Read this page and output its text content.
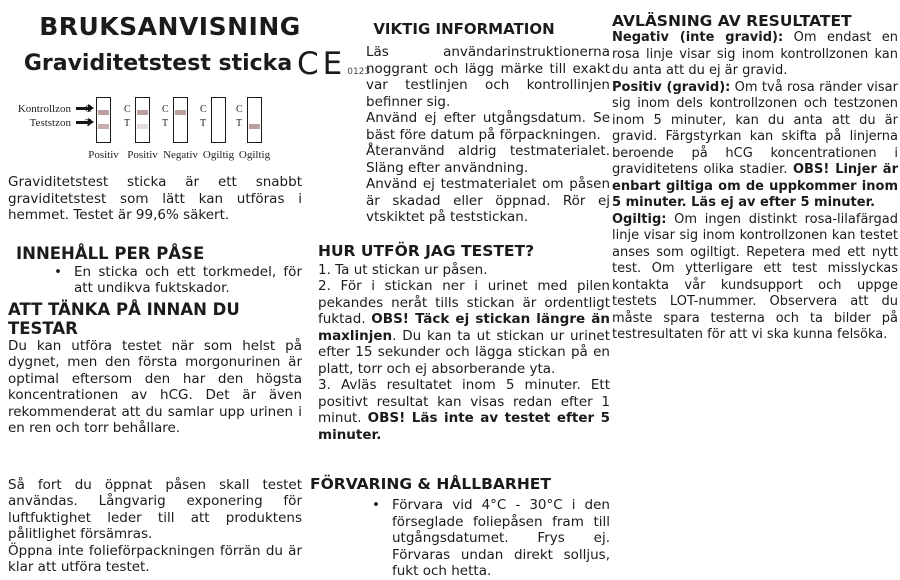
BRUKSANVISNING
Graviditetstest sticka
Kontrollzon
Teststzon
C
T
Positiv
C
T
Positiv
C
T
Negativ
C
T
Ogiltig
C
T
Ogiltig

Graviditetstest sticka är ett snabbt graviditetstest som lätt kan utföras i hemmet. Testet är 99,6% säkert.

INNEHÅLL PER PÅSE
• En sticka och ett torkmedel, för att undikva fuktskador.
ATT TÄNKA PÅ INNAN DU TESTAR

Du kan utföra testet när som helst på dygnet, men den första morgonurinen är optimal eftersom den har den högsta koncentrationen av hCG. Det är även rekommenderat att du samlar upp urinen i en ren och torr behållare.

Så fort du öppnat påsen skall testet användas. Långvarig exponering för luftfuktighet leder till att produktens pålitlighet försämras.

Öppna inte folieförpackningen förrän du är klar att utföra testet.

CE0123
VIKTIG INFORMATION

Läs användarinstruktionerna noggrant och lägg märke till exakt var testlinjen och kontrollinjen befinner sig.

Använd ej efter utgångsdatum. Se bäst före datum på förpackningen.

Återanvänd aldrig testmaterialet. Släng efter användning.

Använd ej testmaterialet om påsen är skadad eller öppnad. Rör ej vtskiktet på teststickan.

HUR UTFÖR JAG TESTET?

1. Ta ut stickan ur påsen.

2. För i stickan ner i urinet med pilen pekandes neråt tills stickan är ordentligt fuktad. OBS! Täck ej stickan längre än maxlinjen. Du kan ta ut stickan ur urinet efter 15 sekunder och lägga stickan på en platt, torr och ej absorberande yta.

3. Avläs resultatet inom 5 minuter. Ett positivt resultat kan visas redan efter 1 minut. OBS! Läs inte av testet efter 5 minuter.

FÖRVARING & HÅLLBARHET
• Förvara vid 4°C - 30°C i den förseglade foliepåsen fram till utgångsdatumet. Frys ej. Förvaras undan direkt solljus, fukt och hetta.
AVLÄSNING AV RESULTATET

Negativ (inte gravid): Om endast en rosa linje visar sig inom kontrollzonen kan du anta att du ej är gravid.

Positiv (gravid): Om två rosa ränder visar sig inom dels kontrollzonen och testzonen inom 5 minuter, kan du anta att du är gravid. Färgstyrkan kan skifta på linjerna beroende på hCG koncentrationen i graviditetens olika stadier. OBS! Linjer är enbart giltiga om de uppkommer inom 5 minuter. Läs ej av efter 5 minuter.

Ogiltig: Om ingen distinkt rosa-lilafärgad linje visar sig inom kontrollzonen kan testet anses som ogiltigt. Repetera med ett nytt test. Om ytterligare ett test misslyckas kontakta vår kundsupport och uppge testets LOT-nummer. Observera att du måste spara testerna och ta bilder på testresultaten för att vi ska kunna felsöka.
